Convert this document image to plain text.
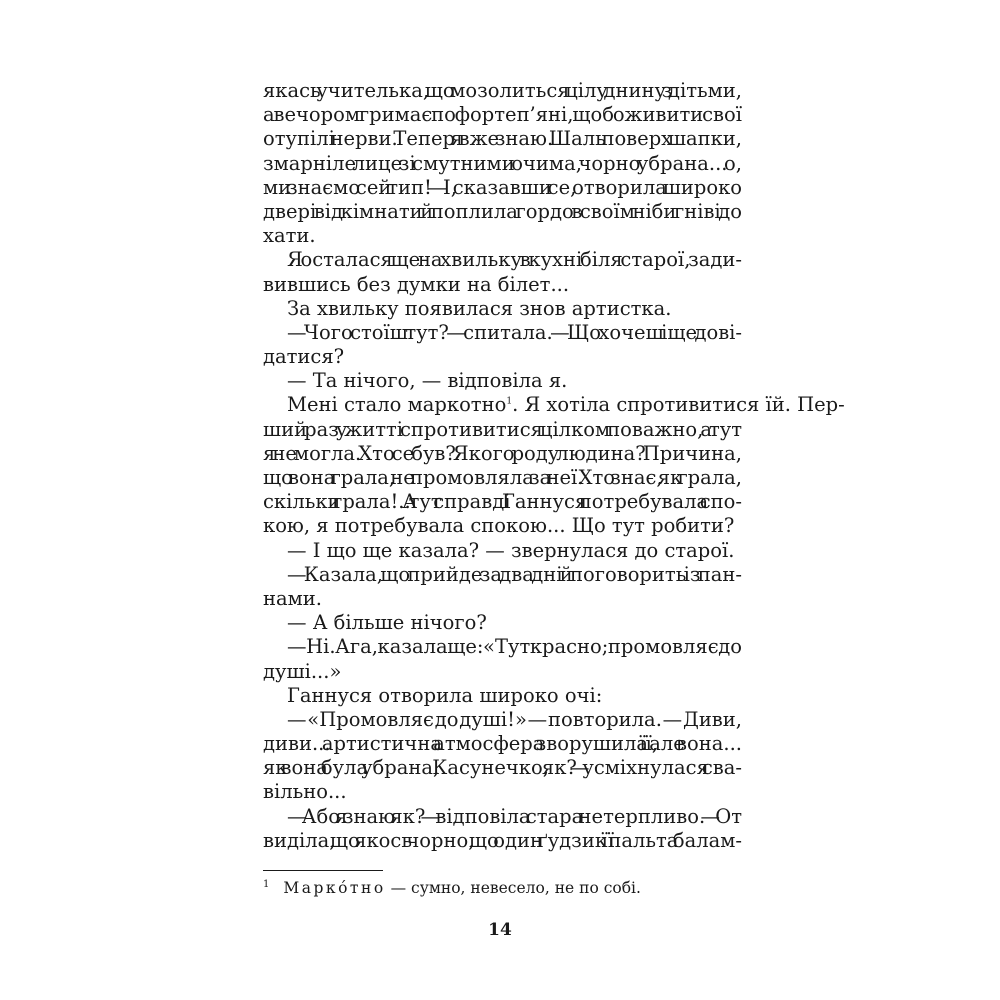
якась учителька, що мозолиться цілу днину з дітьми,
а вечором гримає по фортеп’яні, щоб оживити свої
отупілі нерви. Тепер я вже знаю. Шаль поверх шапки,
змарніле лице зі смутними очима, чорно убрана... о,
ми знаємо сей тип! — І, сказавши се, отворила широко
двері від кімнати й поплила гордо в своїм ніби гніві до
хати.
Я осталася ще на хвильку в кухні біля старої, зади-
вившись без думки на білет...
За хвильку появилася знов артистка.
— Чого стоїш тут? — спитала. — Що хочеш іще дові-
датися?
— Та нічого, — відповіла я.
Мені стало маркотно$^1$. Я хотіла спротивитися їй. Пер-
ший раз у житті спротивитися цілком поважно, а тут
я не могла. Хто се був? Якого роду людина? Причина,
що вона грала, не промовляла за неї. Хто знає, як грала,
скільки грала!.. А тут справді Ганнуся потребувала спо-
кою, я потребувала спокою... Що тут робити?
— І що ще казала? — звернулася до старої.
— Казала, що прийде за два дні й поговорить із пан-
нами.
— А більше нічого?
— Ні. Ага, казала ще: «Тут красно; промовляє до
душі...»
Ганнуся отворила широко очі:
— «Промовляє до душі!» — повторила. — Диви,
диви... артистична атмосфера зворушила її, але вона...
як вона була убрана, Касунечко, як? — усміхнулася сва-
вільно...
— Або я знаю як? — відповіла стара нетерпливо. — От
виділа, що якось чорно, що один ґудзик її пальта балам-
$^1$ Марко́тно — сумно, невесело, не по собі.
14
